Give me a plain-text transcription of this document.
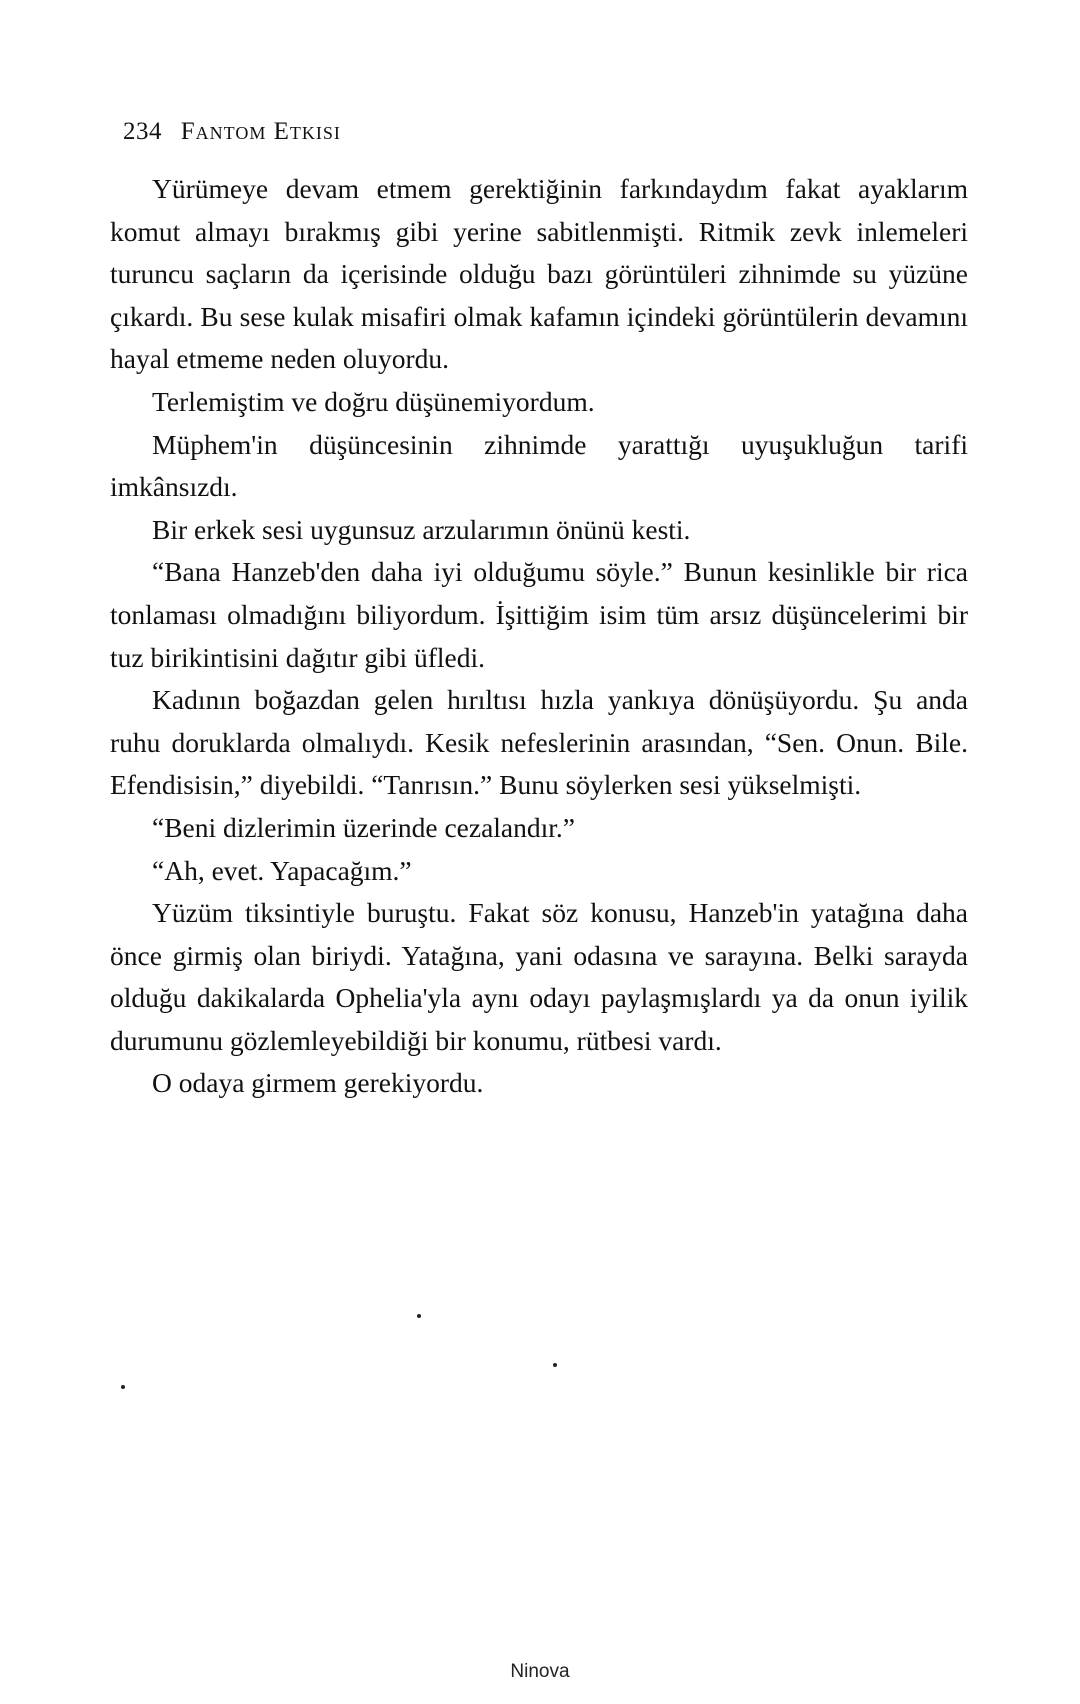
234 Fantom Etkisi

Yürümeye devam etmem gerektiğinin farkındaydım fakat ayaklarım komut almayı bırakmış gibi yerine sabitlenmişti. Ritmik zevk inlemeleri turuncu saçların da içerisinde olduğu bazı görüntüleri zihnimde su yüzüne çıkardı. Bu sese kulak misafiri olmak kafamın içindeki görüntülerin devamını hayal etmeme neden oluyordu.

Terlemiştim ve doğru düşünemiyordum.

Müphem'in düşüncesinin zihnimde yarattığı uyuşukluğun tarifi imkânsızdı.

Bir erkek sesi uygunsuz arzularımın önünü kesti.

“Bana Hanzeb'den daha iyi olduğumu söyle.” Bunun kesinlikle bir rica tonlaması olmadığını biliyordum. İşittiğim isim tüm arsız düşüncelerimi bir tuz birikintisini dağıtır gibi üfledi.

Kadının boğazdan gelen hırıltısı hızla yankıya dönüşüyordu. Şu anda ruhu doruklarda olmalıydı. Kesik nefeslerinin arasından, “Sen. Onun. Bile. Efendisisin,” diyebildi. “Tanrısın.” Bunu söylerken sesi yükselmişti.

“Beni dizlerimin üzerinde cezalandır.”

“Ah, evet. Yapacağım.”

Yüzüm tiksintiyle buruştu. Fakat söz konusu, Hanzeb'in yatağına daha önce girmiş olan biriydi. Yatağına, yani odasına ve sarayına. Belki sarayda olduğu dakikalarda Ophelia'yla aynı odayı paylaşmışlardı ya da onun iyilik durumunu gözlemleyebildiği bir konumu, rütbesi vardı.

O odaya girmem gerekiyordu.

Ninova
